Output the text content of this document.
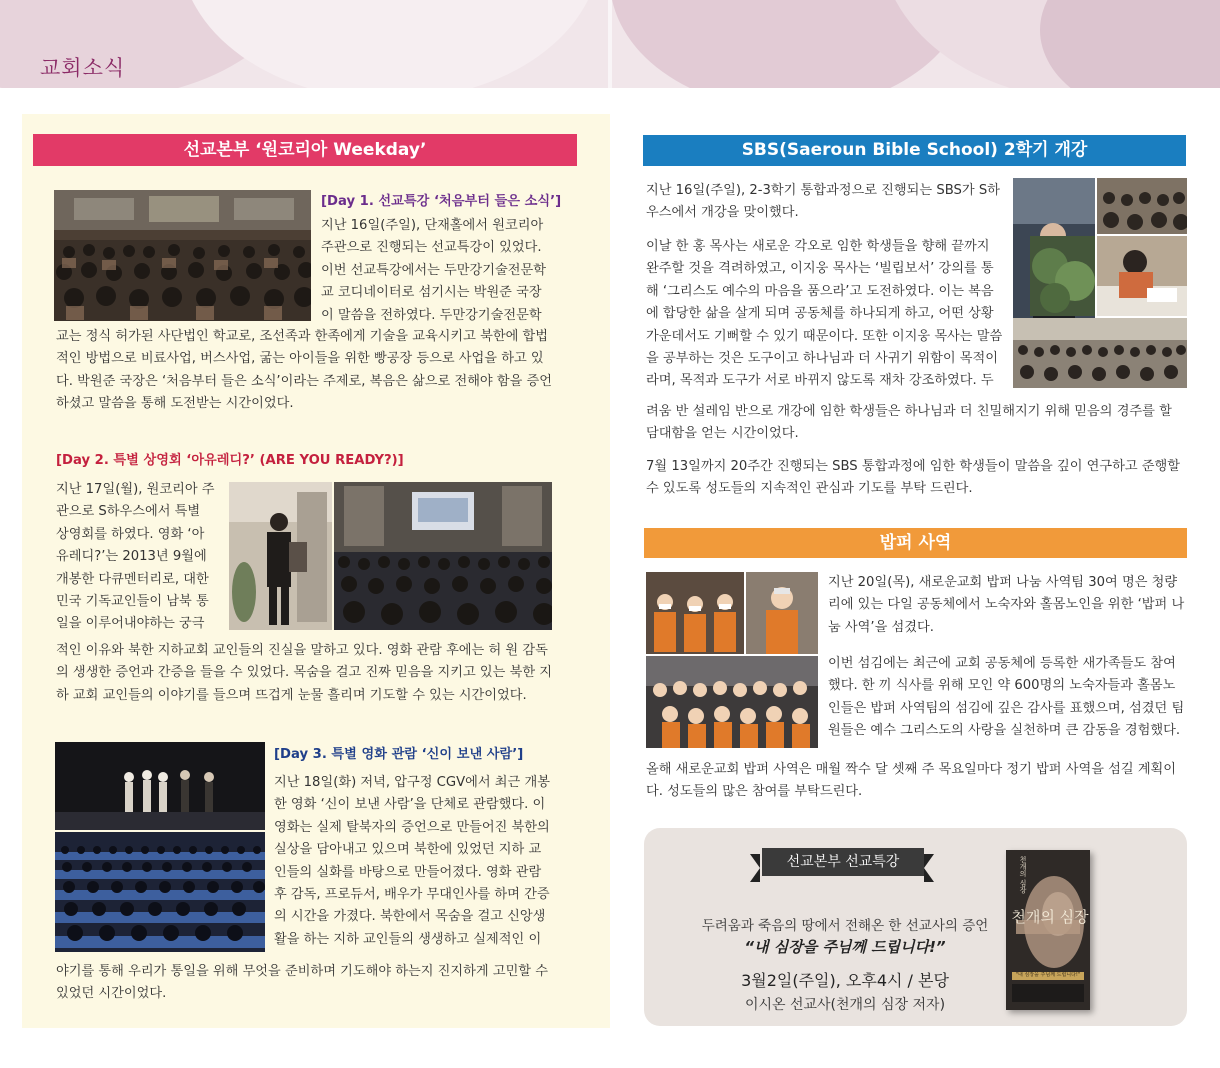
교회소식
선교본부 ‘원코리아 Weekday’
[Day 1. 선교특강 ‘처음부터 들은 소식’]
지난 16일(주일), 단재홀에서 원코리아
주관으로 진행되는 선교특강이 있었다.
이번 선교특강에서는 두만강기술전문학
교 코디네이터로 섬기시는 박원준 국장
이 말씀을 전하였다. 두만강기술전문학
교는 정식 허가된 사단법인 학교로, 조선족과 한족에게 기술을 교육시키고 북한에 합법
적인 방법으로 비료사업, 버스사업, 굶는 아이들을 위한 빵공장 등으로 사업을 하고 있
다. 박원준 국장은 ‘처음부터 들은 소식’이라는 주제로, 복음은 삶으로 전해야 함을 증언
하셨고 말씀을 통해 도전받는 시간이었다.
[Day 2. 특별 상영회 ‘아유레디?’ (ARE YOU READY?)]
지난 17일(월), 원코리아 주
관으로 S하우스에서 특별
상영회를 하였다. 영화 ‘아
유레디?’는 2013년 9월에
개봉한 다큐멘터리로, 대한
민국 기독교인들이 남북 통
일을 이루어내야하는 궁극
적인 이유와 북한 지하교회 교인들의 진실을 말하고 있다. 영화 관람 후에는 허 원 감독
의 생생한 증언과 간증을 들을 수 있었다. 목숨을 걸고 진짜 믿음을 지키고 있는 북한 지
하 교회 교인들의 이야기를 들으며 뜨겁게 눈물 흘리며 기도할 수 있는 시간이었다.
[Day 3. 특별 영화 관람 ‘신이 보낸 사람’]
지난 18일(화) 저녁, 압구정 CGV에서 최근 개봉
한 영화 ‘신이 보낸 사람’을 단체로 관람했다. 이
영화는 실제 탈북자의 증언으로 만들어진 북한의
실상을 담아내고 있으며 북한에 있었던 지하 교
인들의 실화를 바탕으로 만들어졌다. 영화 관람
후 감독, 프로듀서, 배우가 무대인사를 하며 간증
의 시간을 가졌다. 북한에서 목숨을 걸고 신앙생
활을 하는 지하 교인들의 생생하고 실제적인 이
야기를 통해 우리가 통일을 위해 무엇을 준비하며 기도해야 하는지 진지하게 고민할 수
있었던 시간이었다.
SBS(Saeroun Bible School) 2학기 개강
지난 16일(주일), 2-3학기 통합과정으로 진행되는 SBS가 S하
우스에서 개강을 맞이했다.
이날 한 홍 목사는 새로운 각오로 임한 학생들을 향해 끝까지
완주할 것을 격려하였고, 이지웅 목사는 ‘빌립보서’ 강의를 통
해 ‘그리스도 예수의 마음을 품으라’고 도전하였다. 이는 복음
에 합당한 삶을 살게 되며 공동체를 하나되게 하고, 어떤 상황
가운데서도 기뻐할 수 있기 때문이다. 또한 이지웅 목사는 말씀
을 공부하는 것은 도구이고 하나님과 더 사귀기 위함이 목적이
라며, 목적과 도구가 서로 바뀌지 않도록 재차 강조하였다. 두
려움 반 설레임 반으로 개강에 임한 학생들은 하나님과 더 친밀해지기 위해 믿음의 경주를 할
담대함을 얻는 시간이었다.
7월 13일까지 20주간 진행되는 SBS 통합과정에 임한 학생들이 말씀을 깊이 연구하고 준행할
수 있도록 성도들의 지속적인 관심과 기도를 부탁 드린다.
밥퍼 사역
지난 20일(목), 새로운교회 밥퍼 나눔 사역팀 30여 명은 청량
리에 있는 다일 공동체에서 노숙자와 홀몸노인을 위한 ‘밥퍼 나
눔 사역’을 섬겼다.
이번 섬김에는 최근에 교회 공동체에 등록한 새가족들도 참여
했다. 한 끼 식사를 위해 모인 약 600명의 노숙자들과 홀몸노
인들은 밥퍼 사역팀의 섬김에 깊은 감사를 표했으며, 섬겼던 팀
원들은 예수 그리스도의 사랑을 실천하며 큰 감동을 경험했다.
올해 새로운교회 밥퍼 사역은 매월 짝수 달 셋째 주 목요일마다 정기 밥퍼 사역을 섬길 계획이
다. 성도들의 많은 참여를 부탁드린다.
선교본부 선교특강
두려움과 죽음의 땅에서 전해온 한 선교사의 증언
“내 심장을 주님께 드립니다!”
3월2일(주일), 오후4시 / 본당
이시온 선교사(천개의 심장 저자)
천개의 심장
천개의 심장
"내 심장을 주님께 드립니다!"
